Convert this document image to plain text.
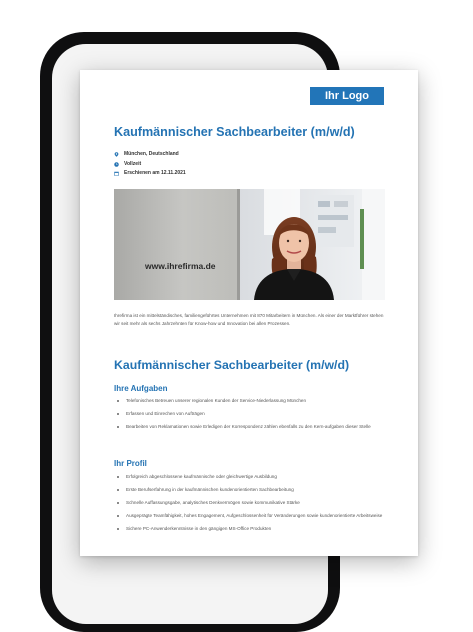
Ihr Logo
Kaufmännischer Sachbearbeiter (m/w/d)
München, Deutschland
Vollzeit
Erschienen am 12.11.2021
www.ihrefirma.de

Ihrefirma ist ein mittelständisches, familiengeführtes Unternehmen mit 870 Mitarbeitern in München. Als einer der Marktführer stehen wir seit mehr als sechs Jahrzehnten für Know-how und Innovation bei allen Prozessen.

Kaufmännischer Sachbearbeiter (m/w/d)
Ihre Aufgaben
Telefonisches Betreuen unserer regionalen Kunden der Service-Niederlassung München
Erfassen und Einrechen von Aufträgen
Bearbeiten von Reklamationen sowie Erledigen der Korrespondenz zählen ebenfalls zu den Kern-aufgaben dieser Stelle
Ihr Profil
Erfolgreich abgeschlossene kaufmännische oder gleichwertige Ausbildung
Erste Berufserfahrung in der kaufmännischen kundenorientierten Sachbearbeitung
Schnelle Auffassungsgabe, analytisches Denkvermögen sowie kommunikative Stärke
Ausgeprägte Teamfähigkeit, hohes Engagement, Aufgeschlossenheit für Veränderungen sowie kundenorientierte Arbeitsweise
Sichere PC-Anwenderkenntnisse in den gängigen MS-Office Produkten
